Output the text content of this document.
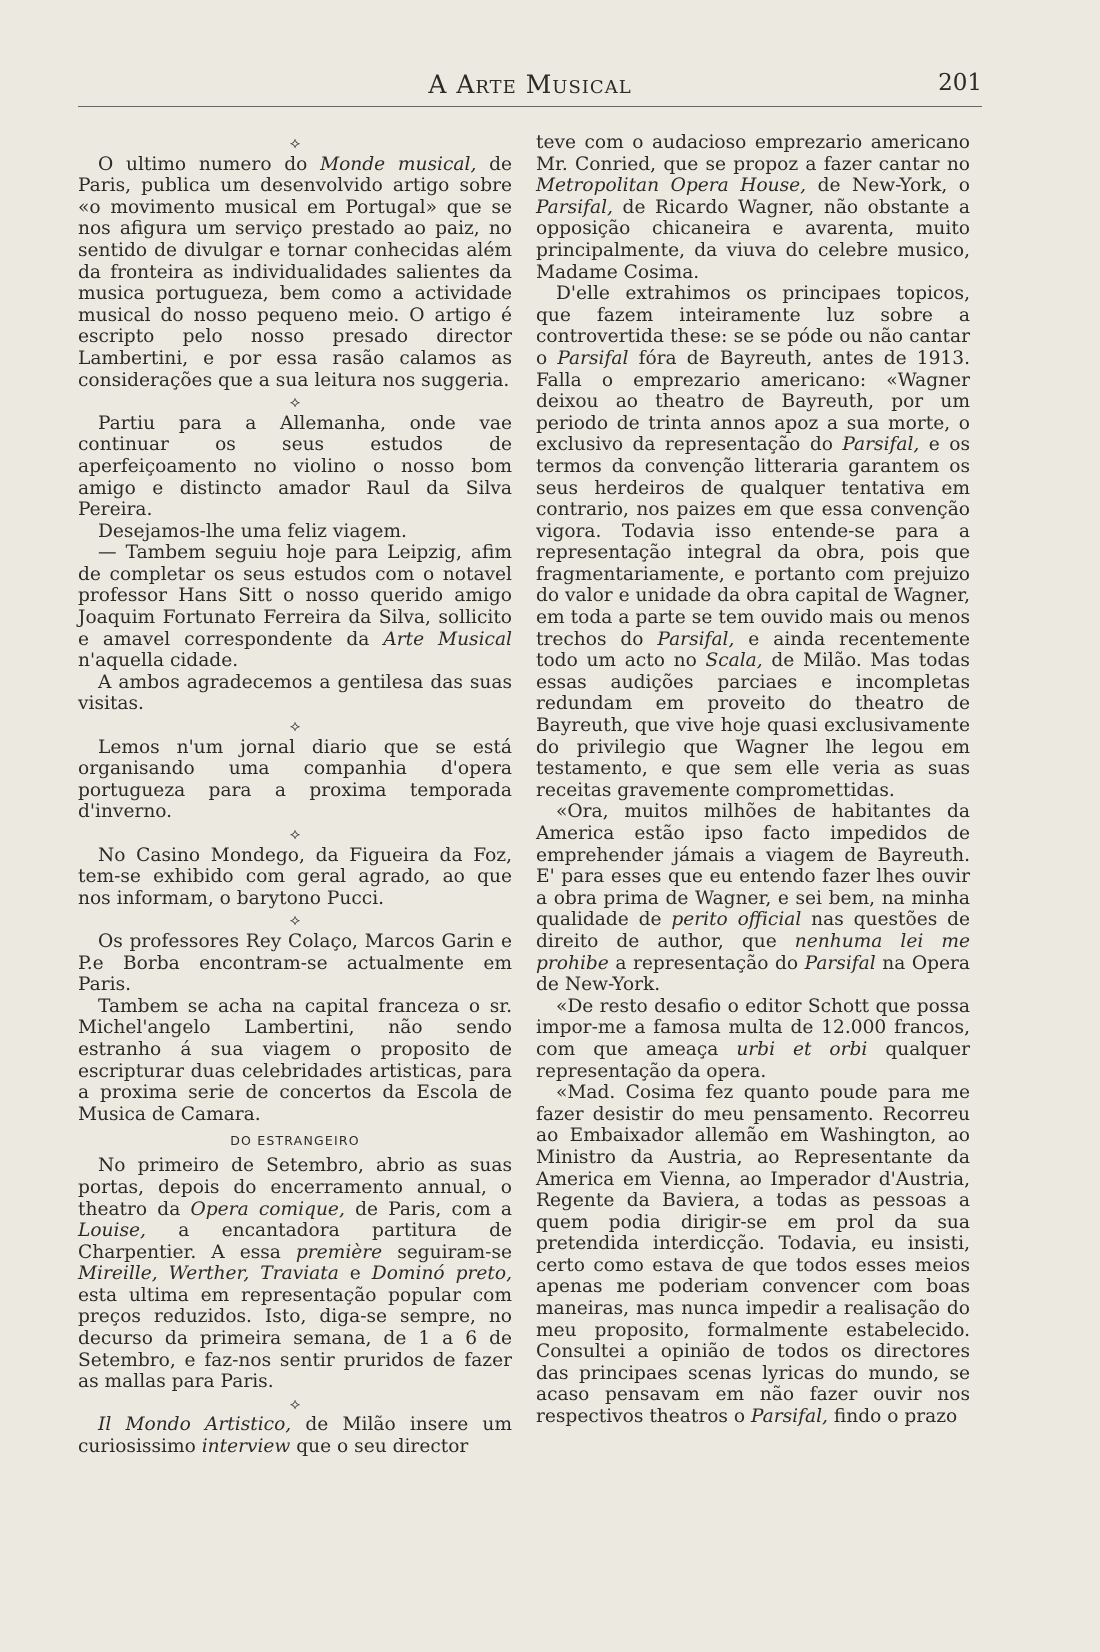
A Arte Musical	201
⟡

O ultimo numero do Monde musical, de Paris, publica um desenvolvido artigo sobre «o movimento musical em Portugal» que se nos afigura um serviço prestado ao paiz, no sentido de divulgar e tornar conhecidas além da fronteira as individualidades salientes da musica portugueza, bem como a actividade musical do nosso pequeno meio. O artigo é escripto pelo nosso presado director Lambertini, e por essa rasão calamos as considerações que a sua leitura nos suggeria.

⟡

Partiu para a Allemanha, onde vae continuar os seus estudos de aperfeiçoamento no violino o nosso bom amigo e distincto amador Raul da Silva Pereira.

Desejamos-lhe uma feliz viagem.

— Tambem seguiu hoje para Leipzig, afim de completar os seus estudos com o notavel professor Hans Sitt o nosso querido amigo Joaquim Fortunato Ferreira da Silva, sollicito e amavel correspondente da Arte Musical n'aquella cidade.

A ambos agradecemos a gentilesa das suas visitas.

⟡

Lemos n'um jornal diario que se está organisando uma companhia d'opera portugueza para a proxima temporada d'inverno.

⟡

No Casino Mondego, da Figueira da Foz, tem-se exhibido com geral agrado, ao que nos informam, o barytono Pucci.

⟡

Os professores Rey Colaço, Marcos Garin e P.e Borba encontram-se actualmente em Paris.

Tambem se acha na capital franceza o sr. Michel'angelo Lambertini, não sendo estranho á sua viagem o proposito de escripturar duas celebridades artisticas, para a proxima serie de concertos da Escola de Musica de Camara.

DO ESTRANGEIRO

No primeiro de Setembro, abrio as suas portas, depois do encerramento annual, o theatro da Opera comique, de Paris, com a Louise, a encantadora partitura de Charpentier. A essa première seguiram-se Mireille, Werther, Traviata e Dominó preto, esta ultima em representação popular com preços reduzidos. Isto, diga-se sempre, no decurso da primeira semana, de 1 a 6 de Setembro, e faz-nos sentir pruridos de fazer as mallas para Paris.

⟡

Il Mondo Artistico, de Milão insere um curiosissimo interview que o seu director

teve com o audacioso emprezario americano Mr. Conried, que se propoz a fazer cantar no Metropolitan Opera House, de New-York, o Parsifal, de Ricardo Wagner, não obstante a opposição chicaneira e avarenta, muito principalmente, da viuva do celebre musico, Madame Cosima.

D'elle extrahimos os principaes topicos, que fazem inteiramente luz sobre a controvertida these: se se póde ou não cantar o Parsifal fóra de Bayreuth, antes de 1913. Falla o emprezario americano: «Wagner deixou ao theatro de Bayreuth, por um periodo de trinta annos apoz a sua morte, o exclusivo da representação do Parsifal, e os termos da convenção litteraria garantem os seus herdeiros de qualquer tentativa em contrario, nos paizes em que essa convenção vigora. Todavia isso entende-se para a representação integral da obra, pois que fragmentariamente, e portanto com prejuizo do valor e unidade da obra capital de Wagner, em toda a parte se tem ouvido mais ou menos trechos do Parsifal, e ainda recentemente todo um acto no Scala, de Milão. Mas todas essas audições parciaes e incompletas redundam em proveito do theatro de Bayreuth, que vive hoje quasi exclusivamente do privilegio que Wagner lhe legou em testamento, e que sem elle veria as suas receitas gravemente compromettidas.

«Ora, muitos milhões de habitantes da America estão ipso facto impedidos de emprehender jámais a viagem de Bayreuth. E' para esses que eu entendo fazer lhes ouvir a obra prima de Wagner, e sei bem, na minha qualidade de perito official nas questões de direito de author, que nenhuma lei me prohibe a representação do Parsifal na Opera de New-York.

«De resto desafio o editor Schott que possa impor-me a famosa multa de 12.000 francos, com que ameaça urbi et orbi qualquer representação da opera.

«Mad. Cosima fez quanto poude para me fazer desistir do meu pensamento. Recorreu ao Embaixador allemão em Washington, ao Ministro da Austria, ao Representante da America em Vienna, ao Imperador d'Austria, Regente da Baviera, a todas as pessoas a quem podia dirigir-se em prol da sua pretendida interdicção. Todavia, eu insisti, certo como estava de que todos esses meios apenas me poderiam convencer com boas maneiras, mas nunca impedir a realisação do meu proposito, formalmente estabelecido. Consultei a opinião de todos os directores das principaes scenas lyricas do mundo, se acaso pensavam em não fazer ouvir nos respectivos theatros o Parsifal, findo o prazo
